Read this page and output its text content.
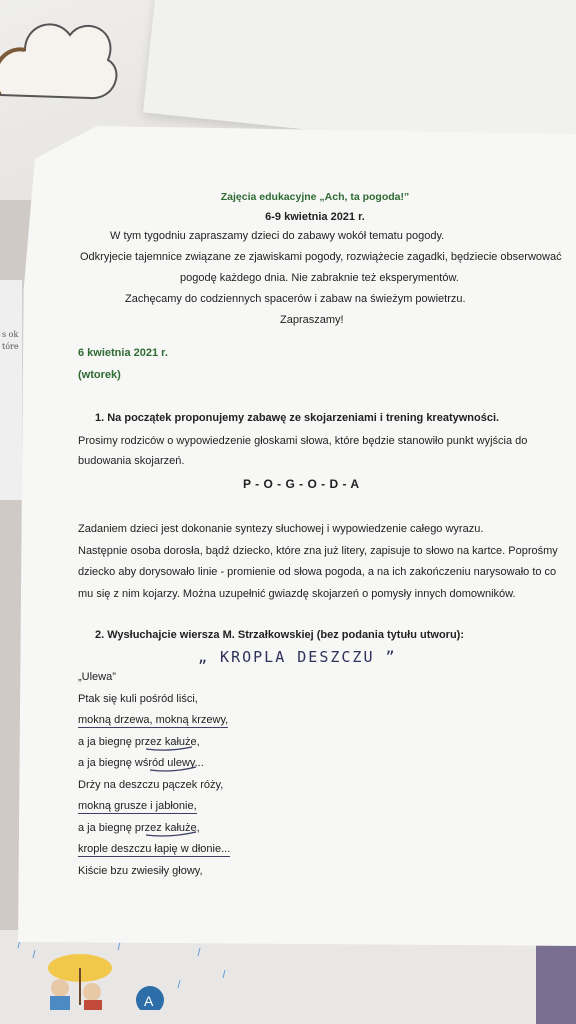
s ok
tóre
A
Zajęcia edukacyjne „Ach, ta pogoda!”
6-9 kwietnia 2021 r.
W tym tygodniu zapraszamy dzieci do zabawy wokół tematu pogody.
Odkryjecie tajemnice związane ze zjawiskami pogody, rozwiążecie zagadki, będziecie obserwować
pogodę każdego dnia. Nie zabraknie też eksperymentów.
Zachęcamy do codziennych spacerów i zabaw na świeżym powietrzu.
Zapraszamy!
6 kwietnia 2021 r.
(wtorek)
1. Na początek proponujemy zabawę ze skojarzeniami i trening kreatywności.
Prosimy rodziców o wypowiedzenie głoskami słowa, które będzie stanowiło punkt wyjścia do
budowania skojarzeń.
P - O - G - O - D - A
Zadaniem dzieci jest dokonanie syntezy słuchowej i wypowiedzenie całego wyrazu.
Następnie osoba dorosła, bądź dziecko, które zna już litery, zapisuje to słowo na kartce. Poprośmy
dziecko aby dorysowało linie - promienie od słowa pogoda, a na ich zakończeniu narysowało to co
mu się z nim kojarzy. Można uzupełnić gwiazdę skojarzeń o pomysły innych domowników.
2. Wysłuchajcie wiersza M. Strzałkowskiej (bez podania tytułu utworu):
„ KROPLA DESZCZU ”
„Ulewa”
Ptak się kuli pośród liści,
mokną drzewa, mokną krzewy,
a ja biegnę przez kałuże,
a ja biegnę wśród ulewy...
Drży na deszczu pączek róży,
mokną grusze i jabłonie,
a ja biegnę przez kałuże,
krople deszczu łapię w dłonie...
Kiście bzu zwiesiły głowy,
